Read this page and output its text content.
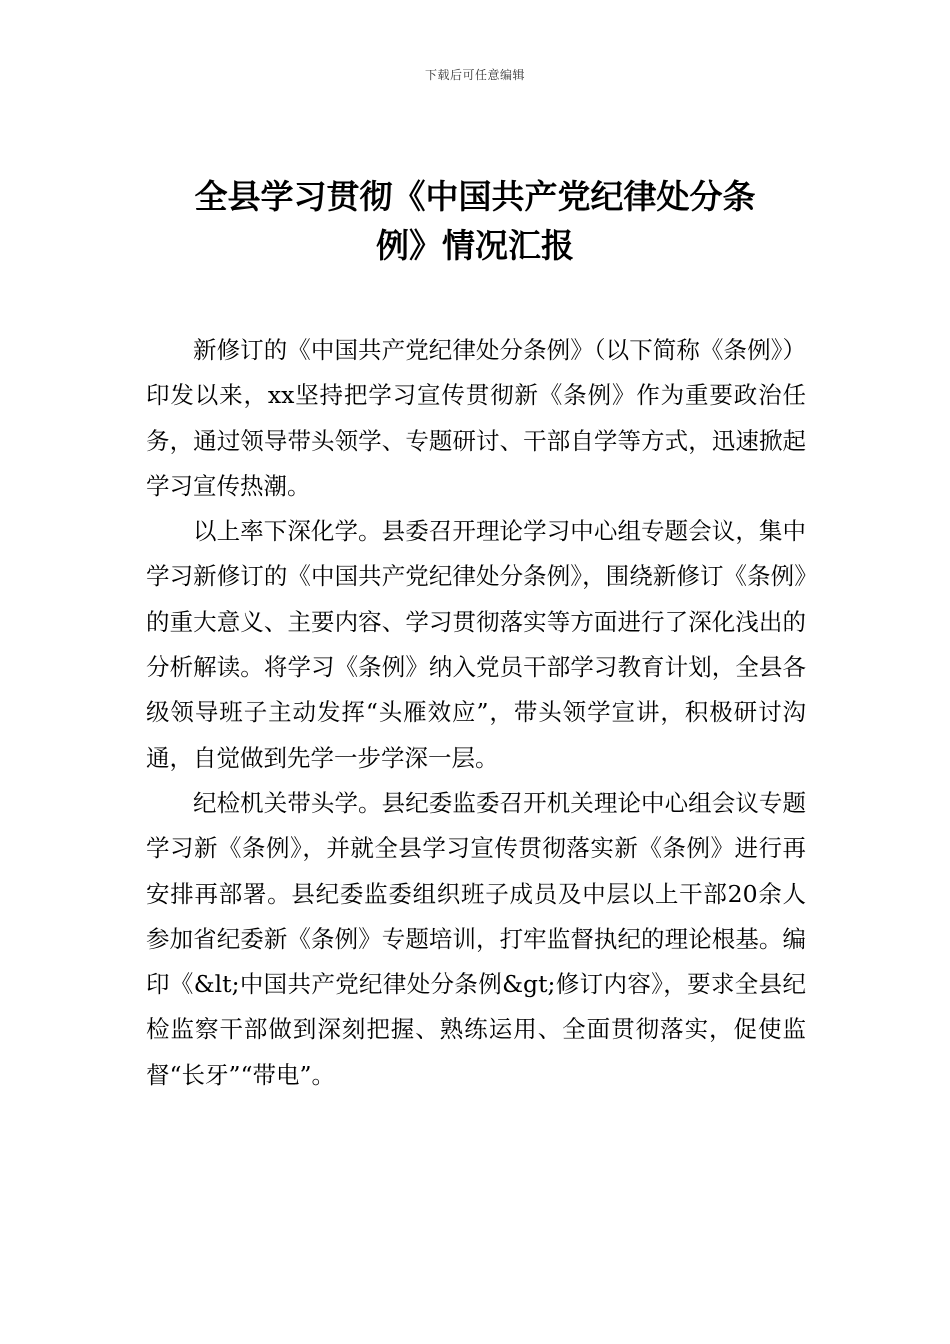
下载后可任意编辑
全县学习贯彻《中国共产党纪律处分条
例》情况汇报

新修订的《中国共产党纪律处分条例》（以下简称《条例》）印发以来，xx坚持把学习宣传贯彻新《条例》作为重要政治任务，通过领导带头领学、专题研讨、干部自学等方式，迅速掀起学习宣传热潮。

以上率下深化学。县委召开理论学习中心组专题会议，集中学习新修订的《中国共产党纪律处分条例》，围绕新修订《条例》的重大意义、主要内容、学习贯彻落实等方面进行了深化浅出的分析解读。将学习《条例》纳入党员干部学习教育计划，全县各级领导班子主动发挥“头雁效应”，带头领学宣讲，积极研讨沟通，自觉做到先学一步学深一层。

纪检机关带头学。县纪委监委召开机关理论中心组会议专题学习新《条例》，并就全县学习宣传贯彻落实新《条例》进行再安排再部署。县纪委监委组织班子成员及中层以上干部20余人参加省纪委新《条例》专题培训，打牢监督执纪的理论根基。编印《&lt;中国共产党纪律处分条例&gt;修订内容》，要求全县纪检监察干部做到深刻把握、熟练运用、全面贯彻落实，促使监督“长牙”“带电”。
